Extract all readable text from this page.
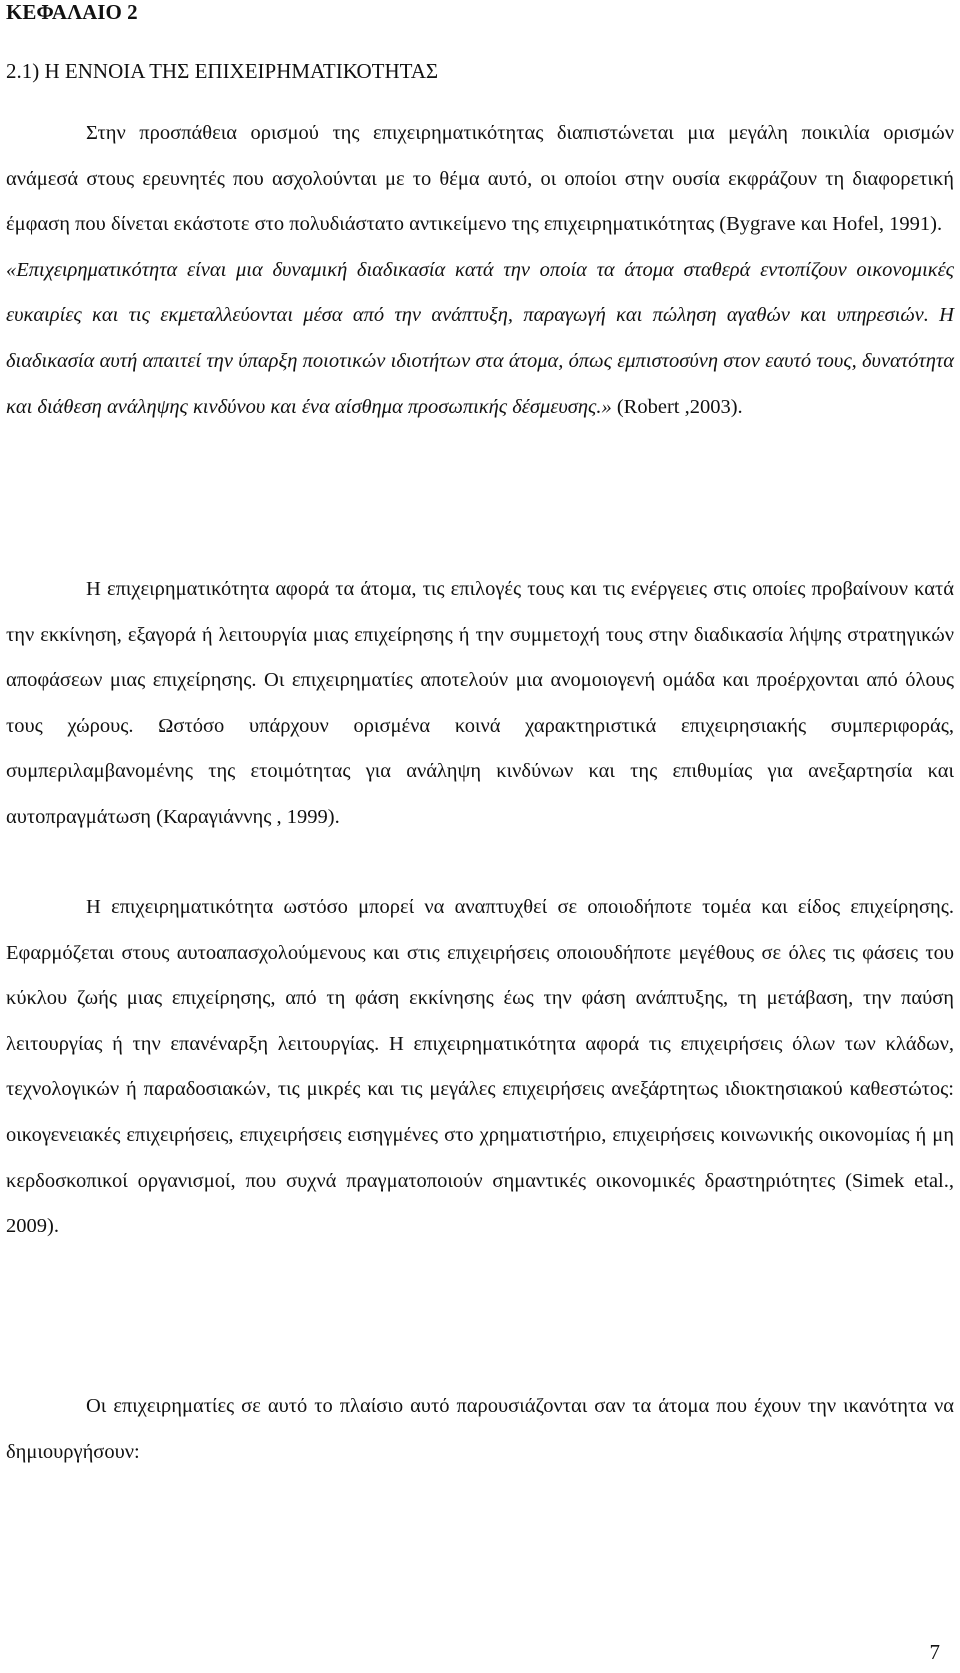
ΚΕΦΑΛΑΙΟ 2
2.1) Η ΕΝΝΟΙΑ ΤΗΣ ΕΠΙΧΕΙΡΗΜΑΤΙΚΟΤΗΤΑΣ

Στην προσπάθεια ορισμού της επιχειρηματικότητας διαπιστώνεται μια μεγάλη ποικιλία ορισμών ανάμεσά στους ερευνητές που ασχολούνται με το θέμα αυτό, οι οποίοι στην ουσία εκφράζουν τη διαφορετική έμφαση που δίνεται εκάστοτε στο πολυδιάστατο αντικείμενο της επιχειρηματικότητας (Bygrave και Hofel, 1991).
«Επιχειρηματικότητα είναι μια δυναμική διαδικασία κατά την οποία τα άτομα σταθερά εντοπίζουν οικονομικές ευκαιρίες και τις εκμεταλλεύονται μέσα από την ανάπτυξη, παραγωγή και πώληση αγαθών και υπηρεσιών. Η διαδικασία αυτή απαιτεί την ύπαρξη ποιοτικών ιδιοτήτων στα άτομα, όπως εμπιστοσύνη στον εαυτό τους, δυνατότητα και διάθεση ανάληψης κινδύνου και ένα αίσθημα προσωπικής δέσμευσης.» (Robert ,2003).

Η επιχειρηματικότητα αφορά τα άτομα, τις επιλογές τους και τις ενέργειες στις οποίες προβαίνουν κατά την εκκίνηση, εξαγορά ή λειτουργία μιας επιχείρησης ή την συμμετοχή τους στην διαδικασία λήψης στρατηγικών αποφάσεων μιας επιχείρησης. Οι επιχειρηματίες αποτελούν μια ανομοιογενή ομάδα και προέρχονται από όλους τους χώρους. Ωστόσο υπάρχουν ορισμένα κοινά χαρακτηριστικά επιχειρησιακής συμπεριφοράς, συμπεριλαμβανομένης της ετοιμότητας για ανάληψη κινδύνων και της επιθυμίας για ανεξαρτησία και αυτοπραγμάτωση (Καραγιάννης , 1999).

Η επιχειρηματικότητα ωστόσο μπορεί να αναπτυχθεί σε οποιοδήποτε τομέα και είδος επιχείρησης. Εφαρμόζεται στους αυτοαπασχολούμενους και στις επιχειρήσεις οποιουδήποτε μεγέθους σε όλες τις φάσεις του κύκλου ζωής μιας επιχείρησης, από τη φάση εκκίνησης έως την φάση ανάπτυξης, τη μετάβαση, την παύση λειτουργίας ή την επανέναρξη λειτουργίας. Η επιχειρηματικότητα αφορά τις επιχειρήσεις όλων των κλάδων, τεχνολογικών ή παραδοσιακών, τις μικρές και τις μεγάλες επιχειρήσεις ανεξάρτητως ιδιοκτησιακού καθεστώτος: οικογενειακές επιχειρήσεις, επιχειρήσεις εισηγμένες στο χρηματιστήριο, επιχειρήσεις κοινωνικής οικονομίας ή μη κερδοσκοπικοί οργανισμοί, που συχνά πραγματοποιούν σημαντικές οικονομικές δραστηριότητες (Simek etal., 2009).

Οι επιχειρηματίες σε αυτό το πλαίσιο αυτό παρουσιάζονται σαν τα άτομα που έχουν την ικανότητα να δημιουργήσουν:

7
